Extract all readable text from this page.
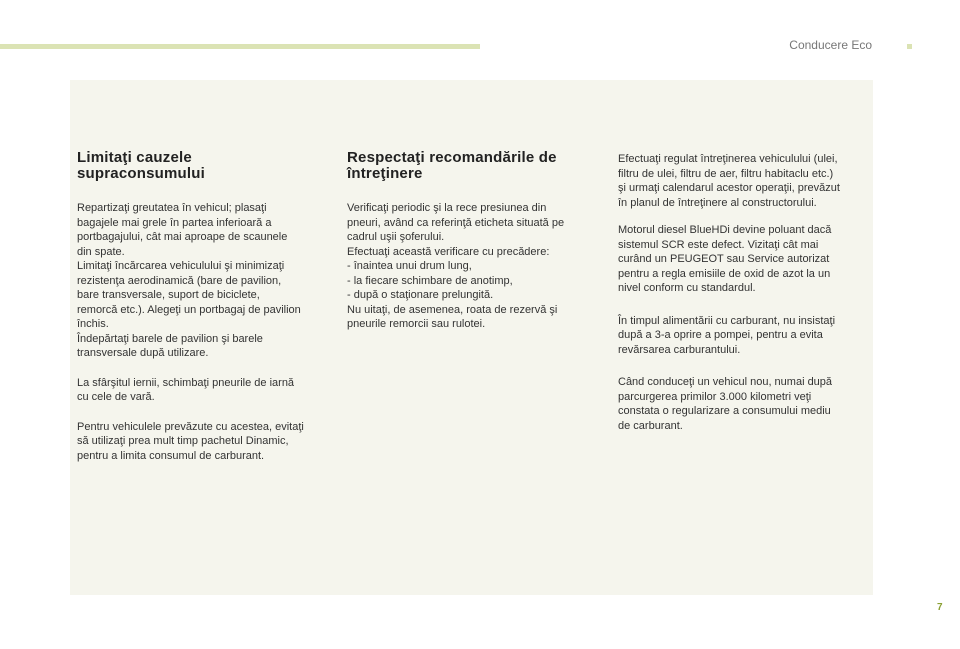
Conducere Eco
Limitaţi cauzele
supraconsumului

Repartizaţi greutatea în vehicul; plasaţi
bagajele mai grele în partea inferioară a
portbagajului, cât mai aproape de scaunele
din spate.
Limitaţi încărcarea vehiculului şi minimizaţi
rezistenţa aerodinamică (bare de pavilion,
bare transversale, suport de biciclete,
remorcă etc.). Alegeţi un portbagaj de pavilion
închis.
Îndepărtaţi barele de pavilion şi barele
transversale după utilizare.

La sfârşitul iernii, schimbaţi pneurile de iarnă
cu cele de vară.

Pentru vehiculele prevăzute cu acestea, evitaţi
să utilizaţi prea mult timp pachetul Dinamic,
pentru a limita consumul de carburant.

Respectaţi recomandările de
întreţinere

Verificaţi periodic şi la rece presiunea din
pneuri, având ca referinţă eticheta situată pe
cadrul uşii şoferului.
Efectuaţi această verificare cu precădere:
- înaintea unui drum lung,
- la fiecare schimbare de anotimp,
- după o staţionare prelungită.
Nu uitaţi, de asemenea, roata de rezervă şi
pneurile remorcii sau rulotei.

Efectuaţi regulat întreţinerea vehiculului (ulei,
filtru de ulei, filtru de aer, filtru habitaclu etc.)
şi urmaţi calendarul acestor operaţii, prevăzut
în planul de întreţinere al constructorului.

Motorul diesel BlueHDi devine poluant dacă
sistemul SCR este defect. Vizitaţi cât mai
curând un PEUGEOT sau Service autorizat
pentru a regla emisiile de oxid de azot la un
nivel conform cu standardul.

În timpul alimentării cu carburant, nu insistaţi
după a 3-a oprire a pompei, pentru a evita
revărsarea carburantului.

Când conduceţi un vehicul nou, numai după
parcurgerea primilor 3.000 kilometri veţi
constata o regularizare a consumului mediu
de carburant.

7
